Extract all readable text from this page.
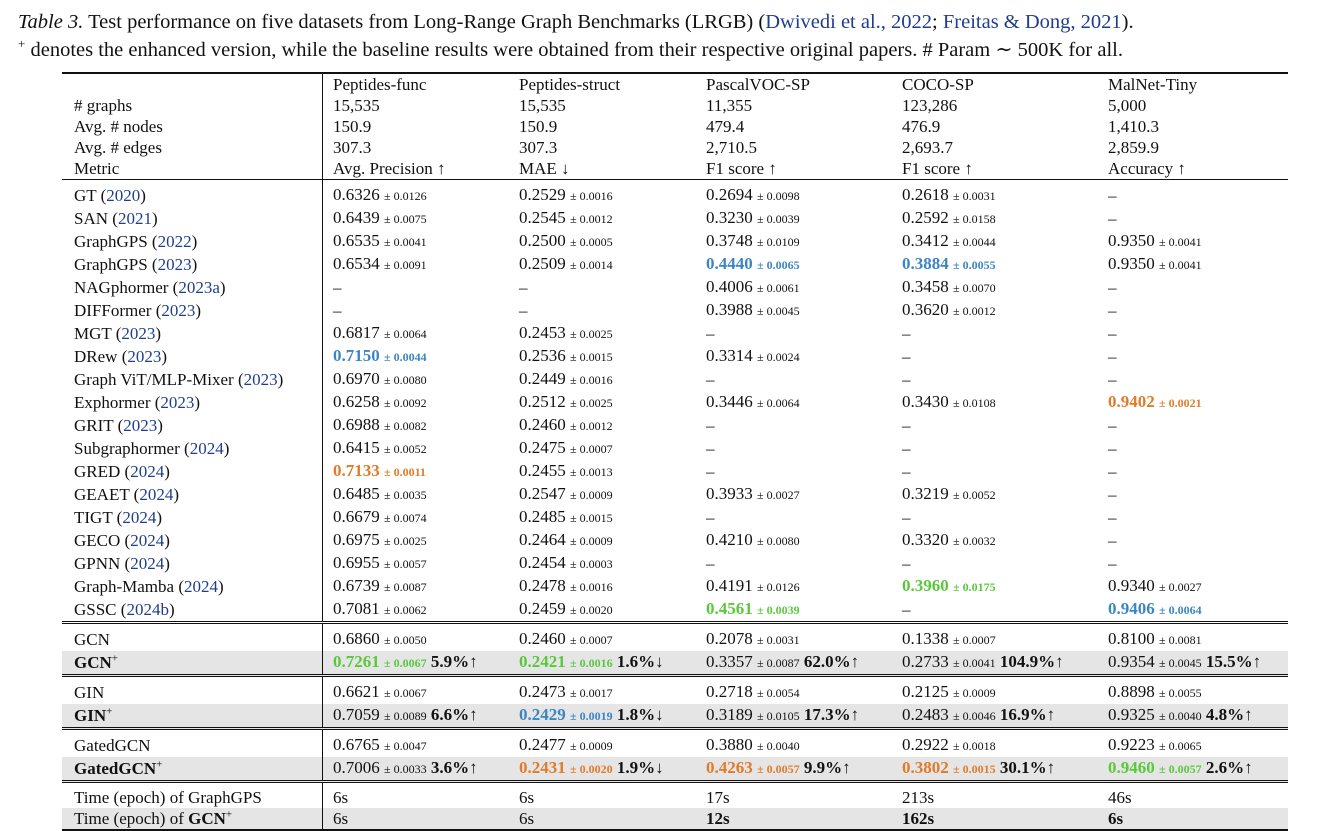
Table 3. Test performance on five datasets from Long-Range Graph Benchmarks (LRGB) (Dwivedi et al., 2022; Freitas & Dong, 2021).
+ denotes the enhanced version, while the baseline results were obtained from their respective original papers. # Param ∼ 500K for all.
	Peptides-func	Peptides-struct	PascalVOC-SP	COCO-SP	MalNet-Tiny
# graphs	15,535	15,535	11,355	123,286	5,000
Avg. # nodes	150.9	150.9	479.4	476.9	1,410.3
Avg. # edges	307.3	307.3	2,710.5	2,693.7	2,859.9
Metric	Avg. Precision ↑	MAE ↓	F1 score ↑	F1 score ↑	Accuracy ↑
GT (2020)	0.6326 ± 0.0126	0.2529 ± 0.0016	0.2694 ± 0.0098	0.2618 ± 0.0031	–
SAN (2021)	0.6439 ± 0.0075	0.2545 ± 0.0012	0.3230 ± 0.0039	0.2592 ± 0.0158	–
GraphGPS (2022)	0.6535 ± 0.0041	0.2500 ± 0.0005	0.3748 ± 0.0109	0.3412 ± 0.0044	0.9350 ± 0.0041
GraphGPS (2023)	0.6534 ± 0.0091	0.2509 ± 0.0014	0.4440 ± 0.0065	0.3884 ± 0.0055	0.9350 ± 0.0041
NAGphormer (2023a)	–	–	0.4006 ± 0.0061	0.3458 ± 0.0070	–
DIFFormer (2023)	–	–	0.3988 ± 0.0045	0.3620 ± 0.0012	–
MGT (2023)	0.6817 ± 0.0064	0.2453 ± 0.0025	–	–	–
DRew (2023)	0.7150 ± 0.0044	0.2536 ± 0.0015	0.3314 ± 0.0024	–	–
Graph ViT/MLP-Mixer (2023)	0.6970 ± 0.0080	0.2449 ± 0.0016	–	–	–
Exphormer (2023)	0.6258 ± 0.0092	0.2512 ± 0.0025	0.3446 ± 0.0064	0.3430 ± 0.0108	0.9402 ± 0.0021
GRIT (2023)	0.6988 ± 0.0082	0.2460 ± 0.0012	–	–	–
Subgraphormer (2024)	0.6415 ± 0.0052	0.2475 ± 0.0007	–	–	–
GRED (2024)	0.7133 ± 0.0011	0.2455 ± 0.0013	–	–	–
GEAET (2024)	0.6485 ± 0.0035	0.2547 ± 0.0009	0.3933 ± 0.0027	0.3219 ± 0.0052	–
TIGT (2024)	0.6679 ± 0.0074	0.2485 ± 0.0015	–	–	–
GECO (2024)	0.6975 ± 0.0025	0.2464 ± 0.0009	0.4210 ± 0.0080	0.3320 ± 0.0032	–
GPNN (2024)	0.6955 ± 0.0057	0.2454 ± 0.0003	–	–	–
Graph-Mamba (2024)	0.6739 ± 0.0087	0.2478 ± 0.0016	0.4191 ± 0.0126	0.3960 ± 0.0175	0.9340 ± 0.0027
GSSC (2024b)	0.7081 ± 0.0062	0.2459 ± 0.0020	0.4561 ± 0.0039	–	0.9406 ± 0.0064
GCN	0.6860 ± 0.0050	0.2460 ± 0.0007	0.2078 ± 0.0031	0.1338 ± 0.0007	0.8100 ± 0.0081
GCN+	0.7261 ± 0.0067 5.9%↑	0.2421 ± 0.0016 1.6%↓	0.3357 ± 0.0087 62.0%↑	0.2733 ± 0.0041 104.9%↑	0.9354 ± 0.0045 15.5%↑
GIN	0.6621 ± 0.0067	0.2473 ± 0.0017	0.2718 ± 0.0054	0.2125 ± 0.0009	0.8898 ± 0.0055
GIN+	0.7059 ± 0.0089 6.6%↑	0.2429 ± 0.0019 1.8%↓	0.3189 ± 0.0105 17.3%↑	0.2483 ± 0.0046 16.9%↑	0.9325 ± 0.0040 4.8%↑
GatedGCN	0.6765 ± 0.0047	0.2477 ± 0.0009	0.3880 ± 0.0040	0.2922 ± 0.0018	0.9223 ± 0.0065
GatedGCN+	0.7006 ± 0.0033 3.6%↑	0.2431 ± 0.0020 1.9%↓	0.4263 ± 0.0057 9.9%↑	0.3802 ± 0.0015 30.1%↑	0.9460 ± 0.0057 2.6%↑
Time (epoch) of GraphGPS	6s	6s	17s	213s	46s
Time (epoch) of GCN+	6s	6s	12s	162s	6s
